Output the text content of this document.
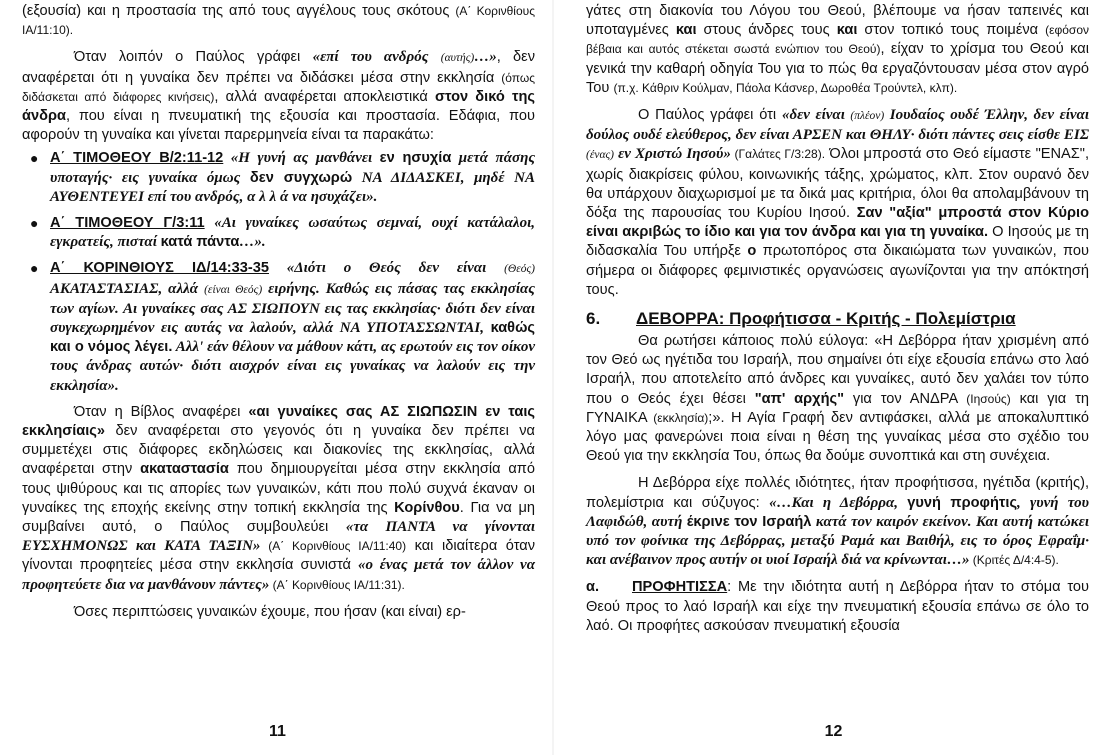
(εξουσία) και η προστασία της από τους αγγέλους τους σκότους (Α΄ Κορινθίους ΙΑ/11:10).

Όταν λοιπόν ο Παύλος γράφει «επί του ανδρός (αυτής)…», δεν αναφέρεται ότι η γυναίκα δεν πρέπει να διδάσκει μέσα στην εκκλησία (όπως διδάσκεται από διάφορες κινήσεις), αλλά αναφέρεται αποκλειστικά στον δικό της άνδρα, που είναι η πνευματική της εξουσία και προστασία. Εδάφια, που αφορούν τη γυναίκα και γίνεται παρερμηνεία είναι τα παρακάτω:

● Α΄ ΤΙΜΟΘΕΟΥ Β/2:11-12 «Η γυνή ας μανθάνει εν ησυχία μετά πάσης υποταγής· εις γυναίκα όμως δεν συγχωρώ ΝΑ ΔΙΔΑΣΚΕΙ, μηδέ ΝΑ ΑΥΘΕΝΤΕΥΕΙ επί του ανδρός, α λ λ ά να ησυχάζει».
● Α΄ ΤΙΜΟΘΕΟΥ Γ/3:11 «Αι γυναίκες ωσαύτως σεμναί, ουχί κατάλαλοι, εγκρατείς, πισταί κατά πάντα…».
● Α΄ ΚΟΡΙΝΘΙΟΥΣ ΙΔ/14:33-35 «Διότι ο Θεός δεν είναι (Θεός) ΑΚΑΤΑΣΤΑΣΙΑΣ, αλλά (είναι Θεός) ειρήνης. Καθώς εις πάσας τας εκκλησίας των αγίων. Αι γυναίκες σας ΑΣ ΣΙΩΠΟΥΝ εις τας εκκλησίας· διότι δεν είναι συγκεχωρημένον εις αυτάς να λαλούν, αλλά ΝΑ ΥΠΟΤΑΣΣΩΝΤΑΙ, καθώς και ο νόμος λέγει. Αλλ' εάν θέλουν να μάθουν κάτι, ας ερωτούν εις τον οίκον τους άνδρας αυτών· διότι αισχρόν είναι εις γυναίκας να λαλούν εις την εκκλησία».

Όταν η Βίβλος αναφέρει «αι γυναίκες σας ΑΣ ΣΙΩΠΩΣΙΝ εν ταις εκκλησίαις» δεν αναφέρεται στο γεγονός ότι η γυναίκα δεν πρέπει να συμμετέχει στις διάφορες εκδηλώσεις και διακονίες της εκκλησίας, αλλά αναφέρεται στην ακαταστασία που δημιουργείται μέσα στην εκκλησία από τους ψιθύρους και τις απορίες των γυναικών, κάτι που πολύ συχνά έκαναν οι γυναίκες της εποχής εκείνης στην τοπική εκκλησία της Κορίνθου. Για να μη συμβαίνει αυτό, ο Παύλος συμβουλεύει «τα ΠΑΝΤΑ να γίνονται ΕΥΣΧΗΜΟΝΩΣ και ΚΑΤΑ ΤΑΞΙΝ» (Α΄ Κορινθίους ΙΑ/11:40) και ιδιαίτερα όταν γίνονται προφητείες μέσα στην εκκλησία συνιστά «ο ένας μετά τον άλλον να προφητεύετε δια να μανθάνουν πάντες» (Α΄ Κορινθίους ΙΑ/11:31).

Όσες περιπτώσεις γυναικών έχουμε, που ήσαν (και είναι) ερ-

11

γάτες στη διακονία του Λόγου του Θεού, βλέπουμε να ήσαν ταπεινές και υποταγμένες και στους άνδρες τους και στον τοπικό τους ποιμένα (εφόσον βέβαια και αυτός στέκεται σωστά ενώπιον του Θεού), είχαν το χρίσμα του Θεού και γενικά την καθαρή οδηγία Του για το πώς θα εργαζόντουσαν μέσα στον αγρό Του (π.χ. Κάθριν Κούλμαν, Πάολα Κάσνερ, Δωροθέα Τρούντελ, κλπ).

Ο Παύλος γράφει ότι «δεν είναι (πλέον) Ιουδαίος ουδέ Έλλην, δεν είναι δούλος ουδέ ελεύθερος, δεν είναι ΑΡΣΕΝ και ΘΗΛΥ· διότι πάντες σεις είσθε ΕΙΣ (ένας) εν Χριστώ Ιησού» (Γαλάτες Γ/3:28). Όλοι μπροστά στο Θεό είμαστε "ΕΝΑΣ", χωρίς διακρίσεις φύλου, κοινωνικής τάξης, χρώματος, κλπ. Στον ουρανό δεν θα υπάρχουν διαχωρισμοί με τα δικά μας κριτήρια, όλοι θα απολαμβάνουν τη δόξα της παρουσίας του Κυρίου Ιησού. Σαν "αξία" μπροστά στον Κύριο είναι ακριβώς το ίδιο και για τον άνδρα και για τη γυναίκα. Ο Ιησούς με τη διδασκαλία Του υπήρξε ο πρωτοπόρος στα δικαιώματα των γυναικών, που σήμερα οι διάφορες φεμινιστικές οργανώσεις αγωνίζονται για την απόκτησή τους.

6. ΔΕΒΟΡΡΑ: Προφήτισσα - Κριτής - Πολεμίστρια

Θα ρωτήσει κάποιος πολύ εύλογα: «Η Δεβόρρα ήταν χρισμένη από τον Θεό ως ηγέτιδα του Ισραήλ, που σημαίνει ότι είχε εξουσία επάνω στο λαό Ισραήλ, που αποτελείτο από άνδρες και γυναίκες, αυτό δεν χαλάει τον τύπο που ο Θεός έχει θέσει "απ' αρχής" για τον ΑΝΔΡΑ (Ιησούς) και για τη ΓΥΝΑΙΚΑ (εκκλησία);». Η Αγία Γραφή δεν αντιφάσκει, αλλά με αποκαλυπτικό λόγο μας φανερώνει ποια είναι η θέση της γυναίκας μέσα στο σχέδιο του Θεού για την εκκλησία Του, όπως θα δούμε συνοπτικά και στη συνέχεια.

Η Δεβόρρα είχε πολλές ιδιότητες, ήταν προφήτισσα, ηγέτιδα (κριτής), πολεμίστρια και σύζυγος: «…Και η Δεβόρρα, γυνή προφήτις, γυνή του Λαφιδώθ, αυτή έκρινε τον Ισραήλ κατά τον καιρόν εκείνον. Και αυτή κατώκει υπό τον φοίνικα της Δεβόρρας, μεταξύ Ραμά και Βαιθήλ, εις το όρος Εφραΐμ· και ανέβαινον προς αυτήν οι υιοί Ισραήλ διά να κρίνωνται…» (Κριτές Δ/4:4-5).

α. ΠΡΟΦΗΤΙΣΣΑ: Με την ιδιότητα αυτή η Δεβόρρα ήταν το στόμα του Θεού προς το λαό Ισραήλ και είχε την πνευματική εξουσία επάνω σε όλο το λαό. Οι προφήτες ασκούσαν πνευματική εξουσία

12
